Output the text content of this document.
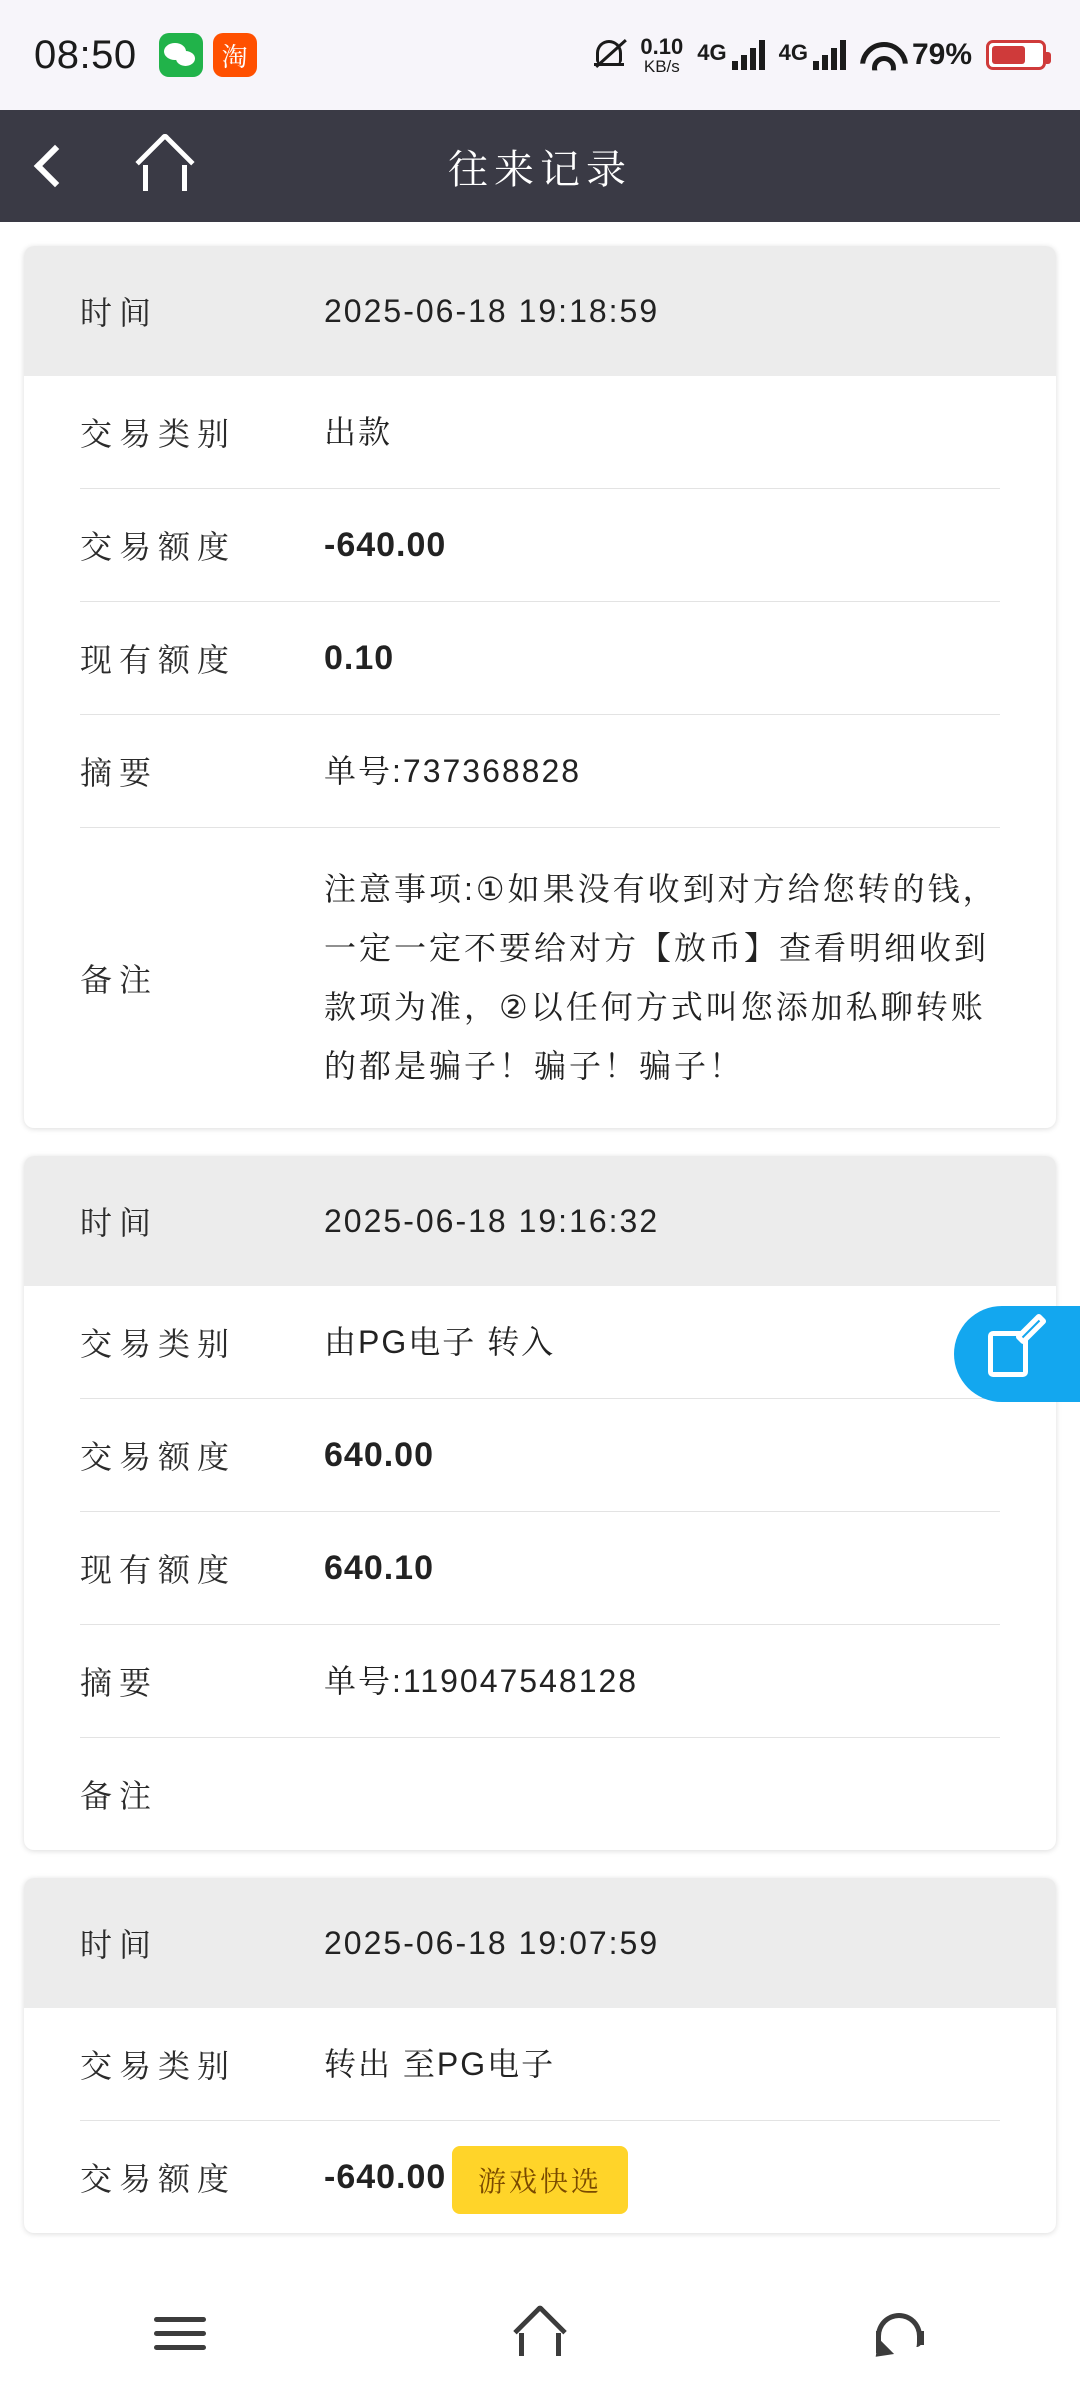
08:50	淘	0.10
KB/s
4G 4G	79%
往来记录
时间	2025-06-18 19:18:59
交易类别	出款
交易额度	-640.00
现有额度	0.10
摘要	单号:737368828
备注
注意事项:①如果没有收到对方给您转的钱，一定一定不要给对方【放币】查看明细收到款项为准，②以任何方式叫您添加私聊转账的都是骗子！骗子！骗子！
时间	2025-06-18 19:16:32
交易类别	由PG电子 转入
交易额度	640.00
现有额度	640.10
摘要	单号:119047548128
备注
时间	2025-06-18 19:07:59
交易类别	转出 至PG电子
交易额度	-640.00	游戏快选
